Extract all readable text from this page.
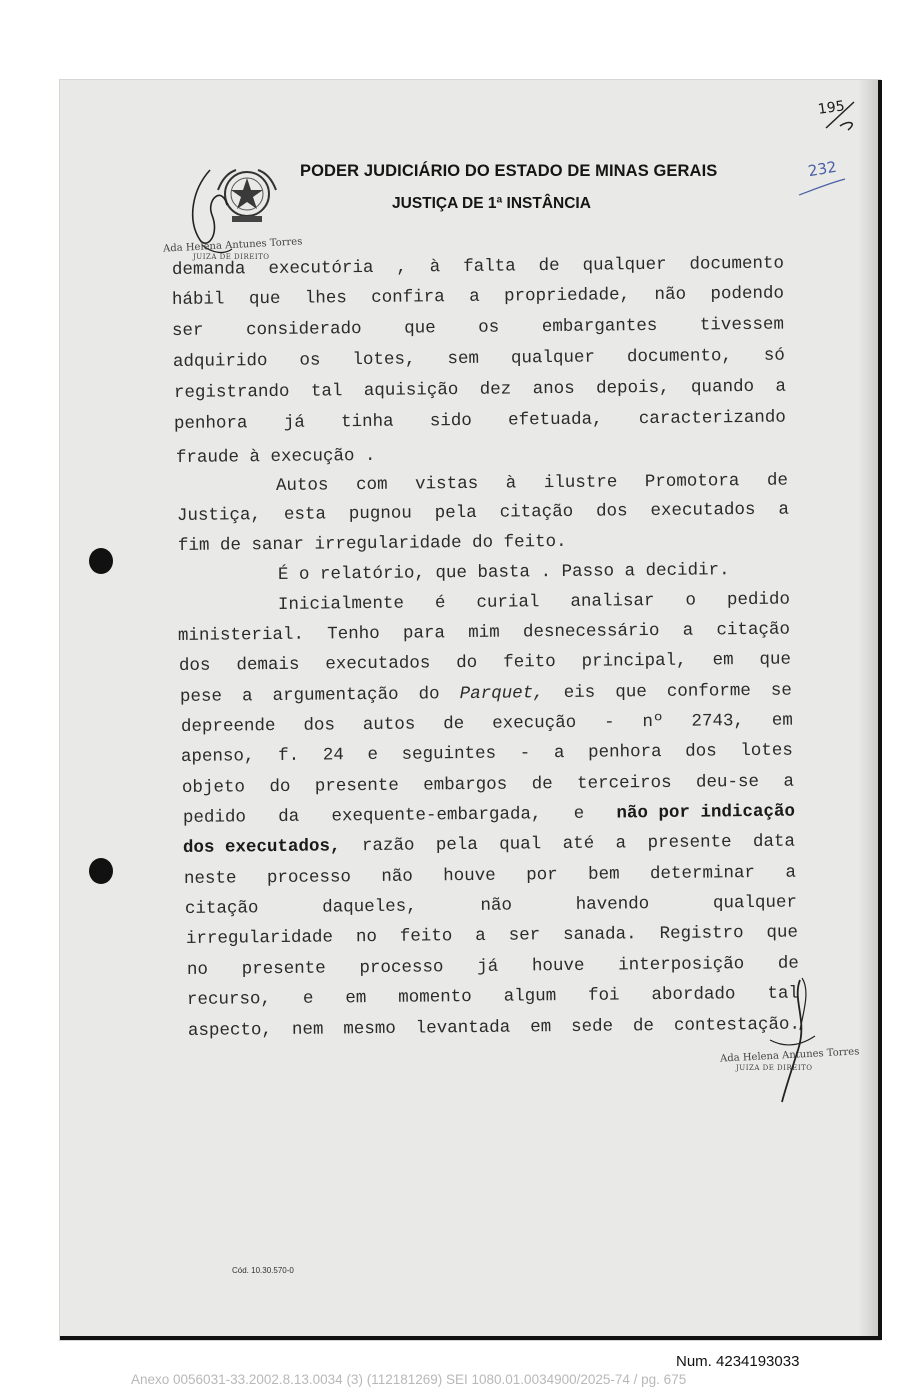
PODER JUDICIÁRIO DO ESTADO DE MINAS GERAIS
JUSTIÇA DE 1ª INSTÂNCIA
Ada Helena Antunes Torres
JUIZA DE DIREITO
195
232
demanda executória , à falta de qualquer documento
hábil que lhes confira a propriedade, não podendo
ser considerado que os embargantes tivessem
adquirido os lotes, sem qualquer documento, só
registrando tal aquisição dez anos depois, quando a
penhora já tinha sido efetuada, caracterizando
fraude à execução .
Autos com vistas à ilustre Promotora de
Justiça, esta pugnou pela citação dos executados a
fim de sanar irregularidade do feito.
É o relatório, que basta . Passo a decidir.
Inicialmente é curial analisar o pedido
ministerial. Tenho para mim desnecessário a citação
dos demais executados do feito principal, em que
pese a argumentação do Parquet, eis que conforme se
depreende dos autos de execução - nº 2743, em
apenso, f. 24 e seguintes - a penhora dos lotes
objeto do presente embargos de terceiros deu-se a
pedido da exequente-embargada, e não por indicação
dos executados, razão pela qual até a presente data
neste processo não houve por bem determinar a
citação	daqueles,	não	havendo	qualquer
irregularidade no feito a ser sanada. Registro que
no presente processo já houve interposição de
recurso, e em momento algum foi abordado tal
aspecto, nem mesmo levantada em sede de contestação.
Ada Helena Antunes Torres
JUIZA DE DIREITO
Cód. 10.30.570-0
Num. 4234193033
Anexo 0056031-33.2002.8.13.0034 (3) (112181269) SEI 1080.01.0034900/2025-74 / pg. 675
